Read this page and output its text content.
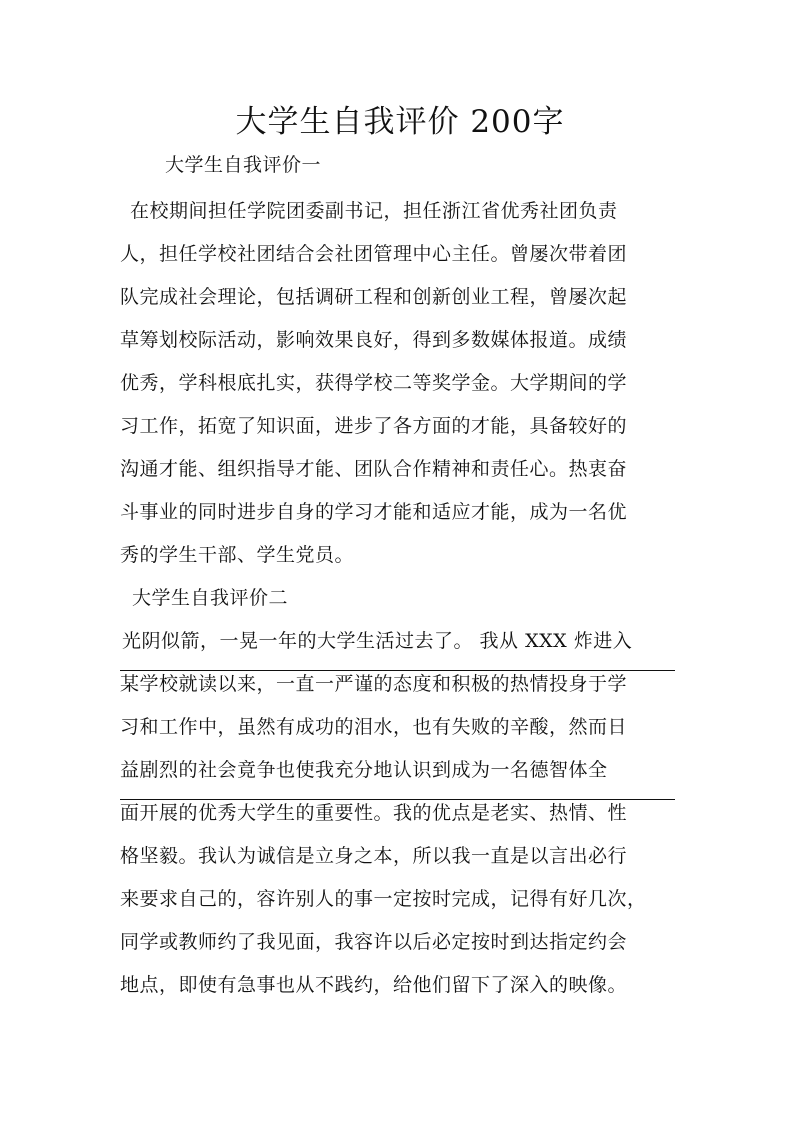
大学生自我评价 200字
大学生自我评价一
在校期间担任学院团委副书记，担任浙江省优秀社团负责
人，担任学校社团结合会社团管理中心主任。曾屡次带着团
队完成社会理论，包括调研工程和创新创业工程，曾屡次起
草筹划校际活动，影响效果良好，得到多数媒体报道。成绩
优秀，学科根底扎实，获得学校二等奖学金。大学期间的学
习工作，拓宽了知识面，进步了各方面的才能，具备较好的
沟通才能、组织指导才能、团队合作精神和责任心。热衷奋
斗事业的同时进步自身的学习才能和适应才能，成为一名优
秀的学生干部、学生党员。
大学生自我评价二
光阴似箭，一晃一年的大学生活过去了。 我从 XXX 炸进入
某学校就读以来，一直一严谨的态度和积极的热情投身于学
习和工作中，虽然有成功的泪水，也有失败的辛酸，然而日
益剧烈的社会竟争也使我充分地认识到成为一名德智体全
面开展的优秀大学生的重要性。我的优点是老实、热情、性
格坚毅。我认为诚信是立身之本，所以我一直是以言出必行
来要求自己的，容许别人的事一定按时完成，记得有好几次，
同学或教师约了我见面，我容许以后必定按时到达指定约会
地点，即使有急事也从不践约，给他们留下了深入的映像。
